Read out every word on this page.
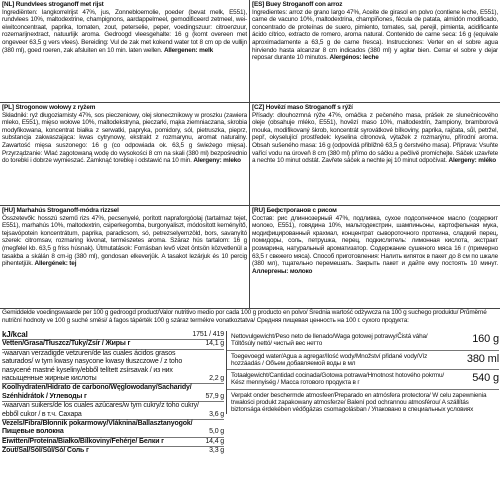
[NL] Rundvlees stroganoff met rijst
Ingrediënten: langkorrelrijst 47%, jus, Zonnebloemolie, poeder (bevat melk, E551), rundvlees 10%, maltodextrine, champignons, aardappelmeel, gemodificeerd zetmeel, wei-eiwitconcentraat, paprika, tomaten, zout, peterselie, peper, voedingszuur: citroenzuur, rozemarijnextract, natuurlijk aroma. Gedroogd vleesgehalte: 16 g (komt overeen met ongeveer 63,5 g vers vlees). Bereiding: Vul de zak met kokend water tot 8 cm op de vullijn (380 ml), goed roeren, zak afsluiten en 10 min. laten wellen. Allergenen: melk
[ES] Buey Stroganoff con arroz
Ingredientes: arroz de grano largo 47%, Aceite de girasol en polvo (contiene leche, E551), carne de vacuno 10%, maltodextrina, champiñones, fécula de patata, almidón modificado, concentrado de proteínas de suero, pimiento, tomates, sal, perejil, pimienta, acidificante ácido cítrico, extracto de romero, aroma natural. Contenido de carne seca: 16 g (equivale aproximadamente a 63,5 g de carne fresca). Instrucciones: Verter en el sobre agua hirviendo hasta alcanzar 8 cm indicados (380 ml) y agitar bien. Cerrar el sobre y dejar reposar durante 10 minutos. Alergénos: leche
[PL] Strogonow wołowy z ryżem
Składniki: ryż długoziarnisty 47%, sos pieczeniowy, olej słonecznikowy w proszku (zawiera mleko, E551), mięso wołowe 10%, maltodekstryna, pieczarki, mąka ziemniaczana, skrobia modyfikowana, koncentrat białka z serwatki, papryka, pomidory, sól, pietruszka, pieprz, substancja zakwaszająca: kwas cytrynowy, ekstrakt z rozmarynu, aromat naturalny. Zawartość mięsa suszonego: 16 g (co odpowiada ok. 63,5 g świeżego mięsa). Przyrządzanie: Wlać zagotowaną wodę do wysokości 8 cm na skali (380 ml) bezpośrednio do torebki i dobrze wymieszać. Zamknąć torebkę i odstawić na 10 min. Alergeny: mleko
[CZ] Hovězí maso Stroganoff s rýží
Přísady: dlouhozrnná rýže 47%, omáčka z pečeného masa, prášek ze slunečnicového oleje (obsahuje mléko, E551), hovězí maso 10%, maltodextrin, žampiony, bramborová mouka, modifikovaný škrob, koncentrát syrovátkové bílkoviny, paprika, rajčata, sůl, petržel, pepř, okyselující prostředek: kyselina citronová, výtažek z rozmarýnu, přírodní aroma. Obsah sušeného masa: 16 g (odpovídá přibližně 63,5 g čerstvého masa). Příprava: Vsuňte vařící vodu na úroveň 8 cm (380 ml) přímo do sáčku a pečlivě promíchejte. Sáček uzavřete a nechte 10 minut odstát. Zavřete sáček a nechte jej 10 minut odpočívat. Alergeny: mléko
[HU] Marhahús Stroganoff-módra rizzsel
Összetevők: hosszú szemű rizs 47%, pecsenyelé, porított napraforgóolaj (tartalmaz tejet, E551), marhahús 10%, maltodextrin, csiperkegomba, burgonyaliszt, módosított keményítő, tejsavópotein koncentrátum, paprika, paradicsom, só, petrezselyemzöld, bors, savanyító szerek: citromsav, rozmaring kivonat, természetes aroma. Száraz hús tartalom: 16 g (megfelel kb. 63,5 g friss húsnak). Útmutatások: Forrásban levő vizet öntsön közvetlenül a tasakba a skálán 8 cm-ig (380 ml), gondosan elkeverjük. A tasakot lezárjuk és 10 percig pihentetjük. Allergének: tej
[RU] Бефстроганов с рисом
Состав: рис длиннозерный 47%, подливка, сухое подсолнечное масло (содержит молоко, E551), говядина 10%, мальтодекстрин, шампиньоны, картофельная мука, модифицированный крахмал, концентрат сывороточного протеина, сладкий перец, помидоры, соль, петрушка, перец, подкислитель: лимонная кислота, экстракт розмарина, натуральный ароматизатор. Содержание сушеного мяса 16 г (примерно 63,5 г свежего мяса). Способ приготовления: Налить кипяток в пакет до 8 см по шкале (380 мл), тщательно перемешать. Закрыть пакет и дайте ему постоять 10 минут. Аллергены: молоко
Gemiddelde voedingswaarde per 100 g gedroogd product/Valor nutritivo medio por cada 100 g producto en polvo/ Średnia wartość odżywcza na 100 g suchego produktu/ Průměrné nutriční hodnoty ve 100 g suché směsi/ á fagos tápérték 100 g száraz termékre vonatkoztatva/ Средняя пищевая ценность на 100 г. сухого продукта:
kJ/kcal	1751 / 419
Vetten/Grasa/Tłuszcz/Tuky/Zsír / Жиры г	14,1 g
-waarvan verzadigde vetzuren/de las cuales ácidos grasos saturados/ w tym kwasy nasycone kwasy tłuszczowe / z toho nasycené mastné kyseliny/ebből telített zsírsavak / из них насыщенные жирные кислоты	2,2 g
Koolhydraten/Hidrato de carbono/Węglowodany/Sacharidy/ Szénhidrátok / Углеводы г	57,9 g
-waarvan suikers/de los cuales azúcares/w tym cukry/z toho cukry/ ebből cukor / в т.ч. Сахара	3,6 g
Vezels/Fibra/Błonnik pokarmowy/Vláknina/Ballasztanyogok/ Пищевые волокна	5,0 g
Eiwitten/Proteína/Białko/Bílkoviny/Fehérje/ Белки г	14,4 g
Zout/Sal/Sól/Sůl/Só/ Соль г	3,3 g
Nettovulgewicht/Peso neto de llenado/Waga gotowej potrawy/Čistá váha/ Töltősúly nettó/ чистый вес нетто	160 g
Toegevoegd water/Agua a agregar/Ilość wody/Množství přidané vody/Víz hozzáadás / Объем добавляемой воды в мл	380 ml
Totaalgewicht/Cantidad cocinada/Gotowa potrawa/Hmotnost hotového pokrmu/ Kész mennyiség / Масса готового продукта в г	540 g
Verpakt onder beschermde atmosfeer/Preparado en atmósfera protectora/ W celu zapewnienia trwałości produkt zapakowany atmosferze/ Balení pod ochrannou atmosférou/ A szállítás biztonsága érdekében védőgázas csomagolásban / Упаковано в специальных условиях
